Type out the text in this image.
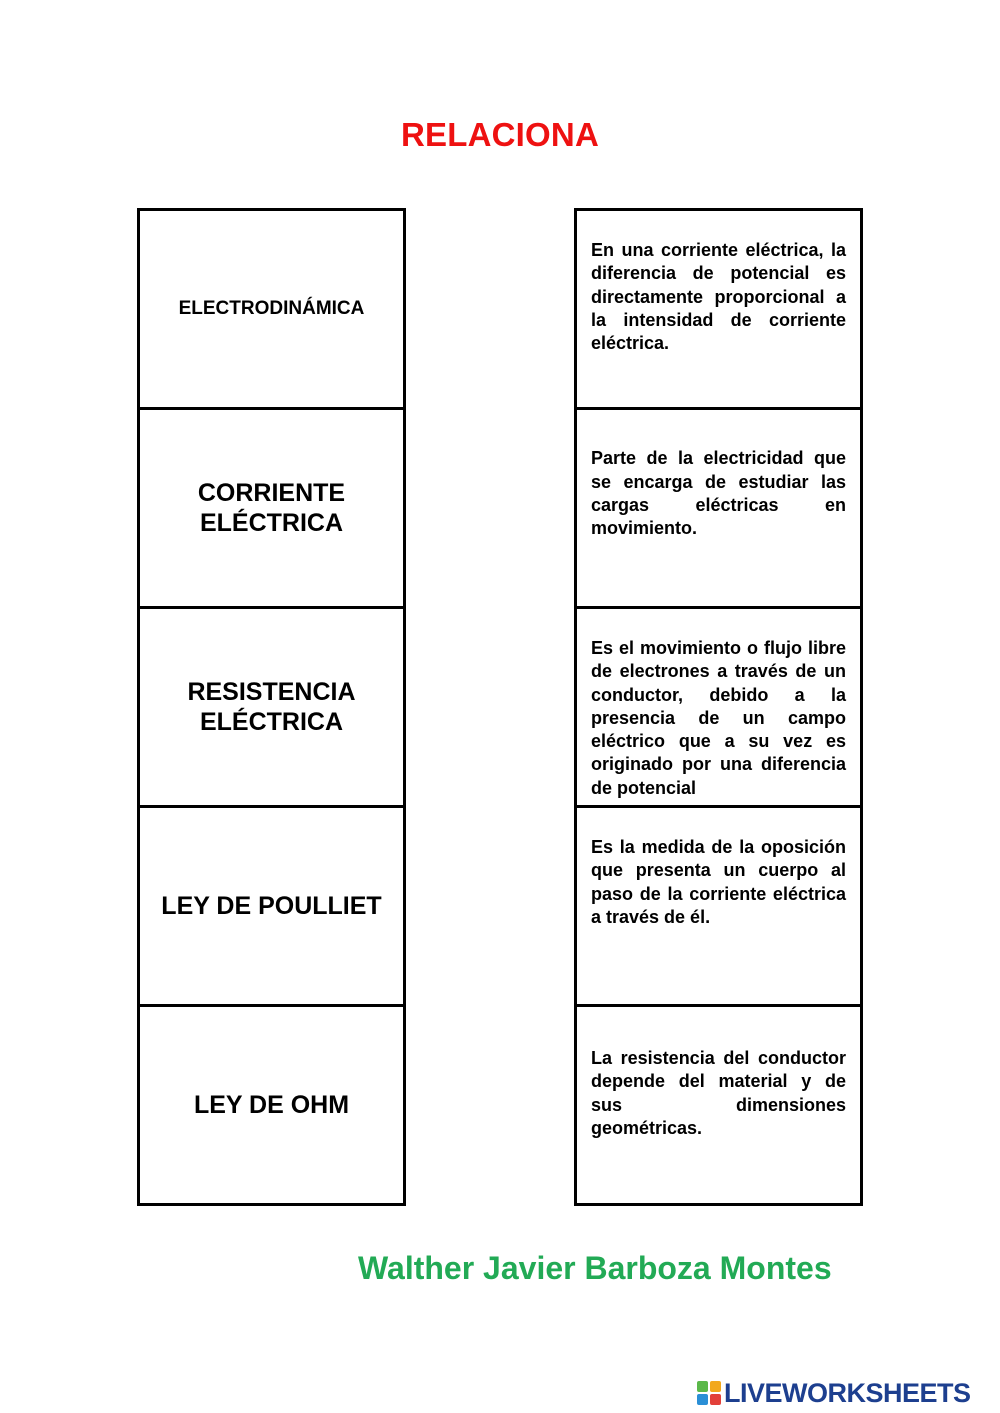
RELACIONA
ELECTRODINÁMICA
CORRIENTE ELÉCTRICA
RESISTENCIA ELÉCTRICA
LEY DE POULLIET
LEY DE OHM
En una corriente eléctrica, la diferencia de potencial es directamente proporcional a la intensidad de corriente eléctrica.
Parte de la electricidad que se encarga de estudiar las cargas eléctricas en movimiento.
Es el movimiento o flujo libre de electrones a través de un conductor, debido a la presencia de un campo eléctrico que a su vez es originado por una diferencia de potencial
Es la medida de la oposición que presenta un cuerpo al paso de la corriente eléctrica a través de él.
La resistencia del conductor depende del material y de sus dimensiones geométricas.
Walther Javier Barboza Montes
LIVEWORKSHEETS
